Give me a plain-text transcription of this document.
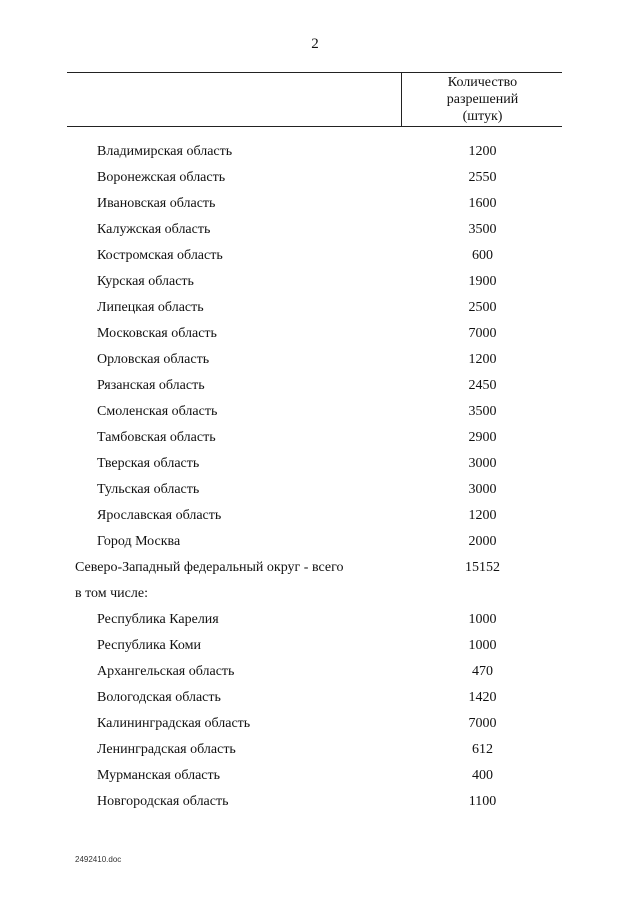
2
Количество
разрешений
(штук)
Владимирская область	1200
Воронежская область	2550
Ивановская область	1600
Калужская область	3500
Костромская область	600
Курская область	1900
Липецкая область	2500
Московская область	7000
Орловская область	1200
Рязанская область	2450
Смоленская область	3500
Тамбовская область	2900
Тверская область	3000
Тульская область	3000
Ярославская область	1200
Город Москва	2000
Северо-Западный федеральный округ - всего	15152
в том числе:
Республика Карелия	1000
Республика Коми	1000
Архангельская область	470
Вологодская область	1420
Калининградская область	7000
Ленинградская область	612
Мурманская область	400
Новгородская область	1100
2492410.doc
